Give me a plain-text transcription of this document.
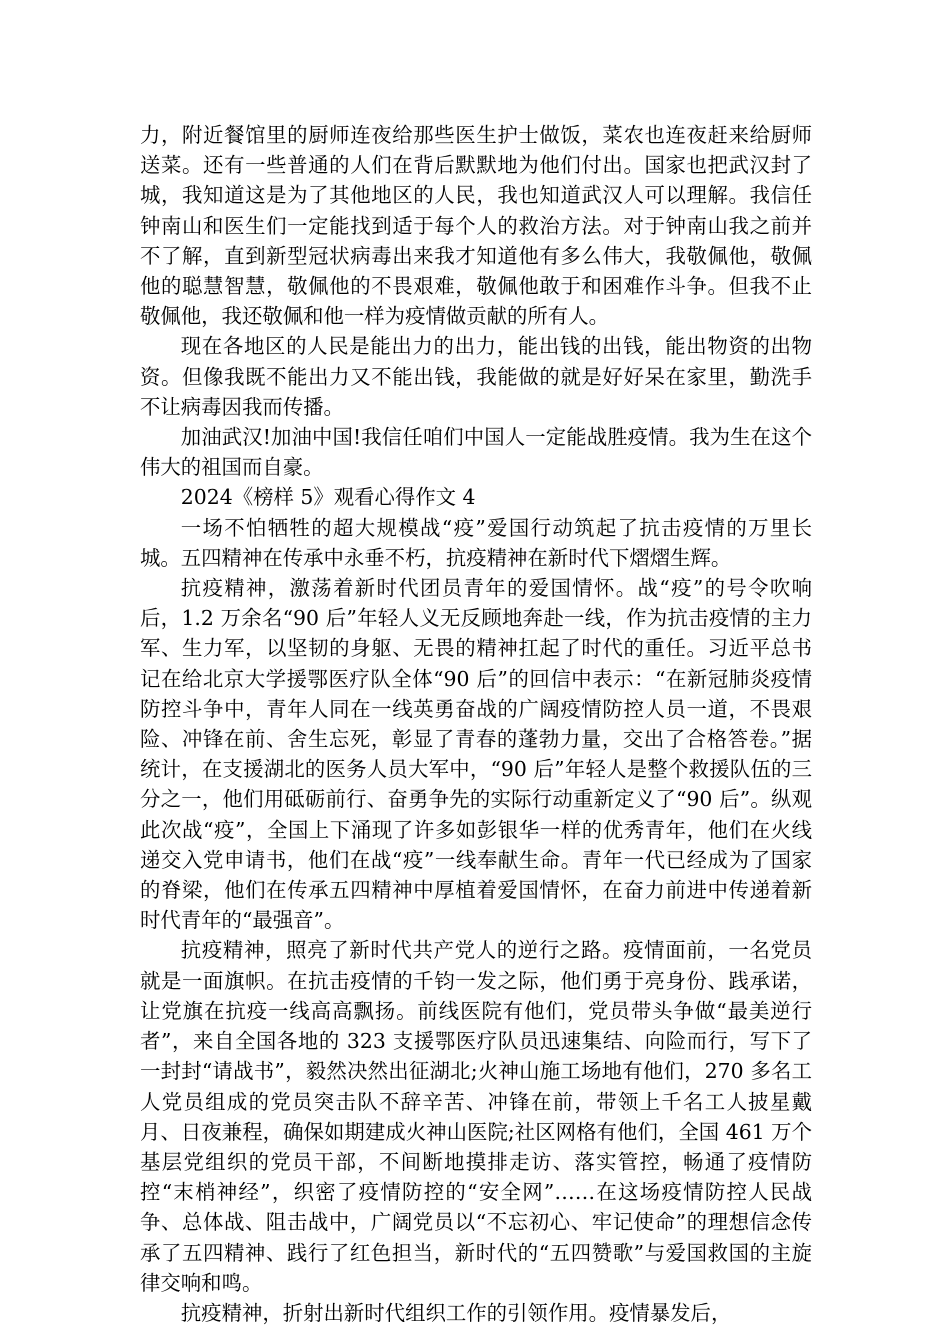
力，附近餐馆里的厨师连夜给那些医生护士做饭，菜农也连夜赶来给厨师送菜。还有一些普通的人们在背后默默地为他们付出。国家也把武汉封了城，我知道这是为了其他地区的人民，我也知道武汉人可以理解。我信任钟南山和医生们一定能找到适于每个人的救治方法。对于钟南山我之前并不了解，直到新型冠状病毒出来我才知道他有多么伟大，我敬佩他，敬佩他的聪慧智慧，敬佩他的不畏艰难，敬佩他敢于和困难作斗争。但我不止敬佩他，我还敬佩和他一样为疫情做贡献的所有人。

现在各地区的人民是能出力的出力，能出钱的出钱，能出物资的出物资。但像我既不能出力又不能出钱，我能做的就是好好呆在家里，勤洗手不让病毒因我而传播。

加油武汉!加油中国!我信任咱们中国人一定能战胜疫情。我为生在这个伟大的祖国而自豪。

2024《榜样 5》观看心得作文 4

一场不怕牺牲的超大规模战“疫”爱国行动筑起了抗击疫情的万里长城。五四精神在传承中永垂不朽，抗疫精神在新时代下熠熠生辉。

抗疫精神，激荡着新时代团员青年的爱国情怀。战“疫”的号令吹响后，1.2 万余名“90 后”年轻人义无反顾地奔赴一线，作为抗击疫情的主力军、生力军，以坚韧的身躯、无畏的精神扛起了时代的重任。习近平总书记在给北京大学援鄂医疗队全体“90 后”的回信中表示：“在新冠肺炎疫情防控斗争中，青年人同在一线英勇奋战的广阔疫情防控人员一道，不畏艰险、冲锋在前、舍生忘死，彰显了青春的蓬勃力量，交出了合格答卷。”据统计，在支援湖北的医务人员大军中，“90 后”年轻人是整个救援队伍的三分之一，他们用砥砺前行、奋勇争先的实际行动重新定义了“90 后”。纵观此次战“疫”，全国上下涌现了许多如彭银华一样的优秀青年，他们在火线递交入党申请书，他们在战“疫”一线奉献生命。青年一代已经成为了国家的脊梁，他们在传承五四精神中厚植着爱国情怀，在奋力前进中传递着新时代青年的“最强音”。

抗疫精神，照亮了新时代共产党人的逆行之路。疫情面前，一名党员就是一面旗帜。在抗击疫情的千钧一发之际，他们勇于亮身份、践承诺，让党旗在抗疫一线高高飘扬。前线医院有他们，党员带头争做“最美逆行者”，来自全国各地的 323 支援鄂医疗队员迅速集结、向险而行，写下了一封封“请战书”，毅然决然出征湖北;火神山施工场地有他们，270 多名工人党员组成的党员突击队不辞辛苦、冲锋在前，带领上千名工人披星戴月、日夜兼程，确保如期建成火神山医院;社区网格有他们，全国 461 万个基层党组织的党员干部，不间断地摸排走访、落实管控，畅通了疫情防控“末梢神经”，织密了疫情防控的“安全网”……在这场疫情防控人民战争、总体战、阻击战中，广阔党员以“不忘初心、牢记使命”的理想信念传承了五四精神、践行了红色担当，新时代的“五四赞歌”与爱国救国的主旋律交响和鸣。

抗疫精神，折射出新时代组织工作的引领作用。疫情暴发后，
